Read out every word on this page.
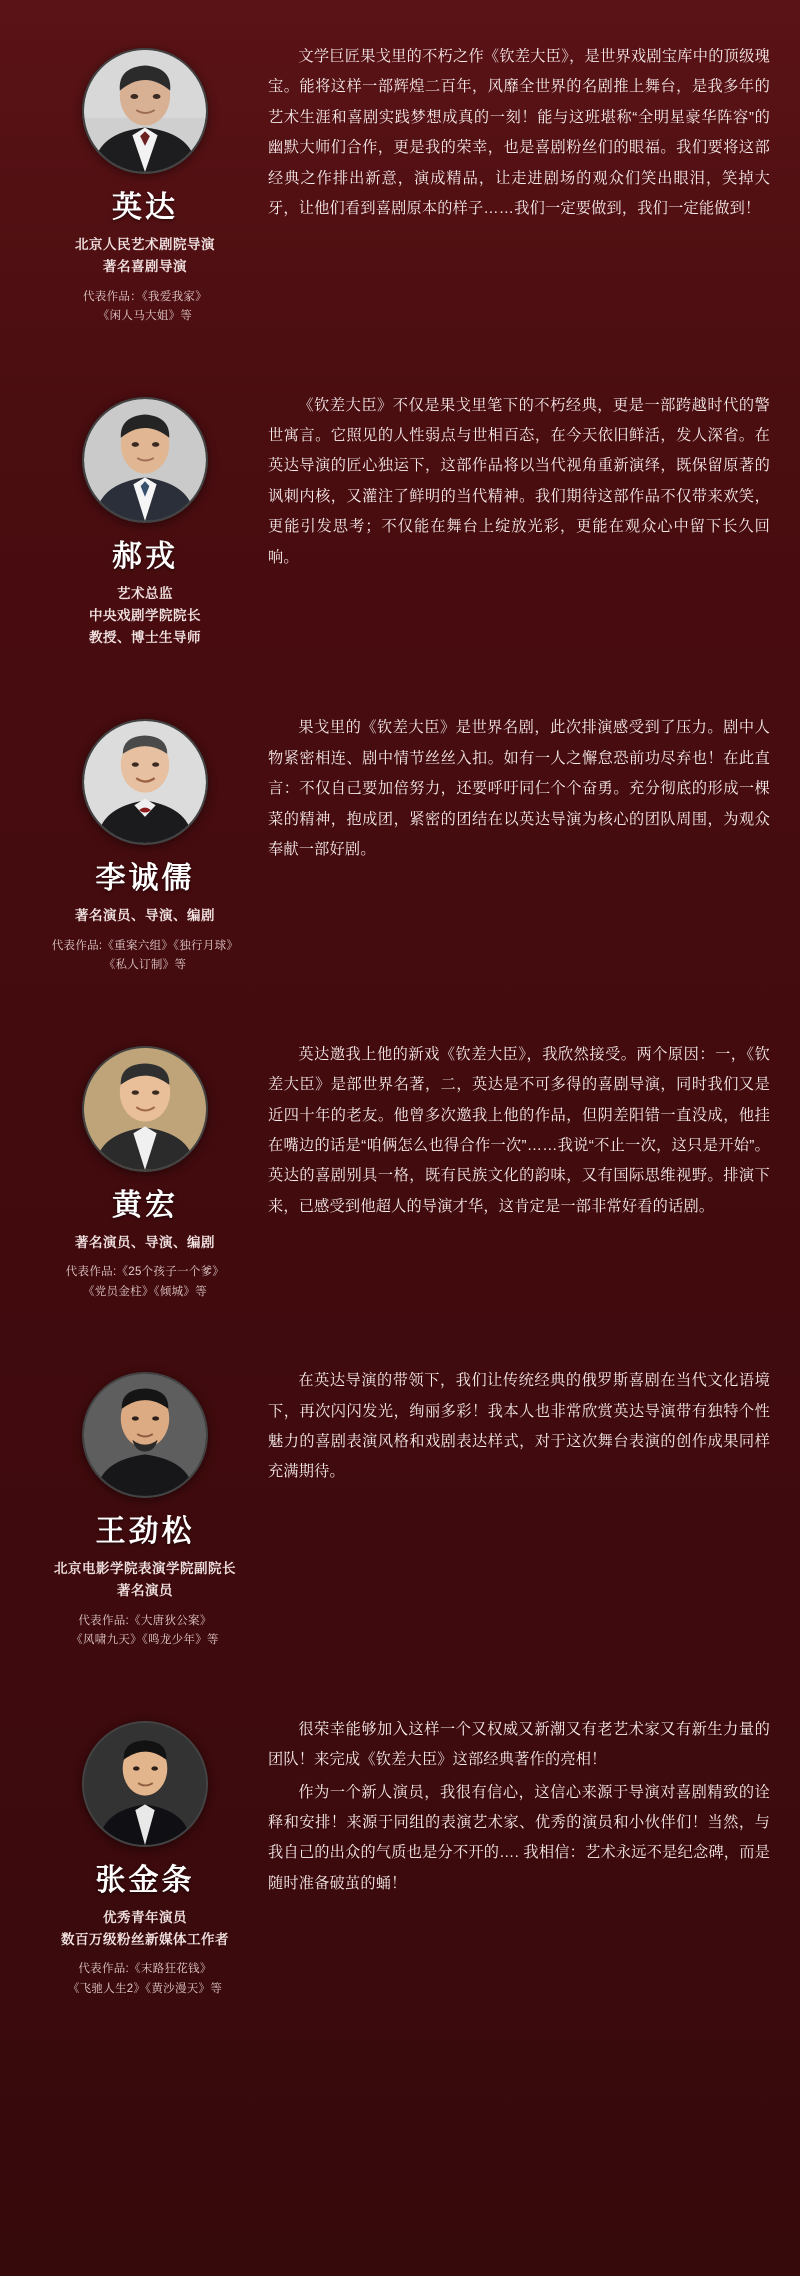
英达
北京人民艺术剧院导演
著名喜剧导演
代表作品：《我爱我家》
《闲人马大姐》等

文学巨匠果戈里的不朽之作《钦差大臣》，是世界戏剧宝库中的顶级瑰宝。能将这样一部辉煌二百年，风靡全世界的名剧推上舞台，是我多年的艺术生涯和喜剧实践梦想成真的一刻！能与这班堪称“全明星豪华阵容”的幽默大师们合作，更是我的荣幸，也是喜剧粉丝们的眼福。我们要将这部经典之作排出新意，演成精品，让走进剧场的观众们笑出眼泪，笑掉大牙，让他们看到喜剧原本的样子……我们一定要做到，我们一定能做到！

郝戎
艺术总监
中央戏剧学院院长
教授、博士生导师

《钦差大臣》不仅是果戈里笔下的不朽经典，更是一部跨越时代的警世寓言。它照见的人性弱点与世相百态，在今天依旧鲜活，发人深省。在英达导演的匠心独运下，这部作品将以当代视角重新演绎，既保留原著的讽刺内核，又灌注了鲜明的当代精神。我们期待这部作品不仅带来欢笑，更能引发思考；不仅能在舞台上绽放光彩，更能在观众心中留下长久回响。

李诚儒
著名演员、导演、编剧
代表作品:《重案六组》《独行月球》
《私人订制》等

果戈里的《钦差大臣》是世界名剧，此次排演感受到了压力。剧中人物紧密相连、剧中情节丝丝入扣。如有一人之懈怠恐前功尽弃也！在此直言：不仅自己要加倍努力，还要呼吁同仁个个奋勇。充分彻底的形成一棵菜的精神，抱成团，紧密的团结在以英达导演为核心的团队周围，为观众奉献一部好剧。

黄宏
著名演员、导演、编剧
代表作品:《25个孩子一个爹》
《党员金柱》《倾城》等

英达邀我上他的新戏《钦差大臣》，我欣然接受。两个原因：一，《钦差大臣》是部世界名著，二，英达是不可多得的喜剧导演，同时我们又是近四十年的老友。他曾多次邀我上他的作品，但阴差阳错一直没成，他挂在嘴边的话是“咱俩怎么也得合作一次”……我说“不止一次，这只是开始”。英达的喜剧别具一格，既有民族文化的韵味，又有国际思维视野。排演下来，已感受到他超人的导演才华，这肯定是一部非常好看的话剧。

王劲松
北京电影学院表演学院副院长
著名演员
代表作品:《大唐狄公案》
《风啸九天》《鸣龙少年》等

在英达导演的带领下，我们让传统经典的俄罗斯喜剧在当代文化语境下，再次闪闪发光，绚丽多彩！我本人也非常欣赏英达导演带有独特个性魅力的喜剧表演风格和戏剧表达样式，对于这次舞台表演的创作成果同样充满期待。

张金条
优秀青年演员
数百万级粉丝新媒体工作者
代表作品:《末路狂花钱》
《飞驰人生2》《黄沙漫天》等

很荣幸能够加入这样一个又权威又新潮又有老艺术家又有新生力量的团队！来完成《钦差大臣》这部经典著作的亮相！

作为一个新人演员，我很有信心，这信心来源于导演对喜剧精致的诠释和安排！来源于同组的表演艺术家、优秀的演员和小伙伴们！当然，与我自己的出众的气质也是分不开的…. 我相信：艺术永远不是纪念碑，而是随时准备破茧的蛹！
